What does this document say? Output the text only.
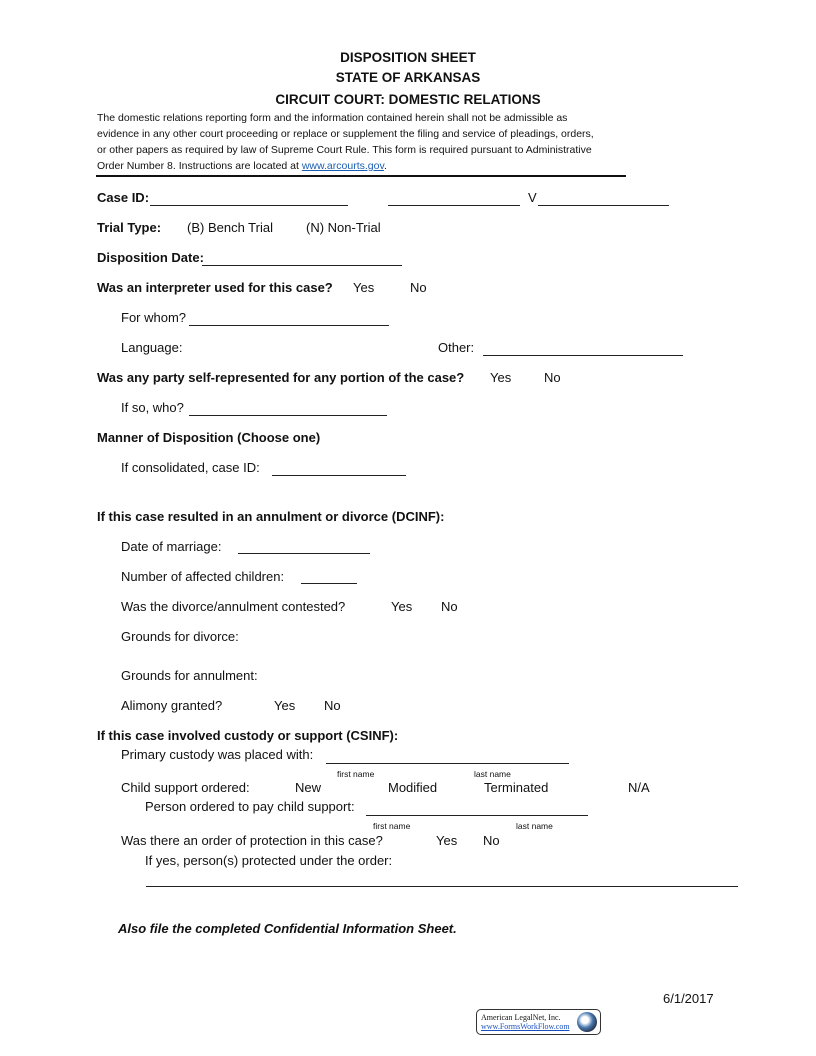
DISPOSITION SHEET
STATE OF ARKANSAS
CIRCUIT COURT: DOMESTIC RELATIONS
The domestic relations reporting form and the information contained herein shall not be admissible as
evidence in any other court proceeding or replace or supplement the filing and service of pleadings, orders,
or other papers as required by law of Supreme Court Rule. This form is required pursuant to Administrative
Order Number 8. Instructions are located at www.arcourts.gov.
Case ID:	V
Trial Type: (B) Bench Trial	(N) Non-Trial
Disposition Date:
Was an interpreter used for this case? Yes	No
For whom?
Language:	Other:
Was any party self-represented for any portion of the case? Yes	No
If so, who?
Manner of Disposition (Choose one)
If consolidated, case ID:
If this case resulted in an annulment or divorce (DCINF):
Date of marriage:
Number of affected children:
Was the divorce/annulment contested?	Yes No
Grounds for divorce:
Grounds for annulment:
Alimony granted?	Yes No
If this case involved custody or support (CSINF):
Primary custody was placed with:
first name	last name
Child support ordered:	New	Modified	Terminated	N/A
Person ordered to pay child support:
first name	last name
Was there an order of protection in this case?	Yes No
If yes, person(s) protected under the order:
Also file the completed Confidential Information Sheet.
6/1/2017
American LegalNet, Inc.
www.FormsWorkFlow.com
